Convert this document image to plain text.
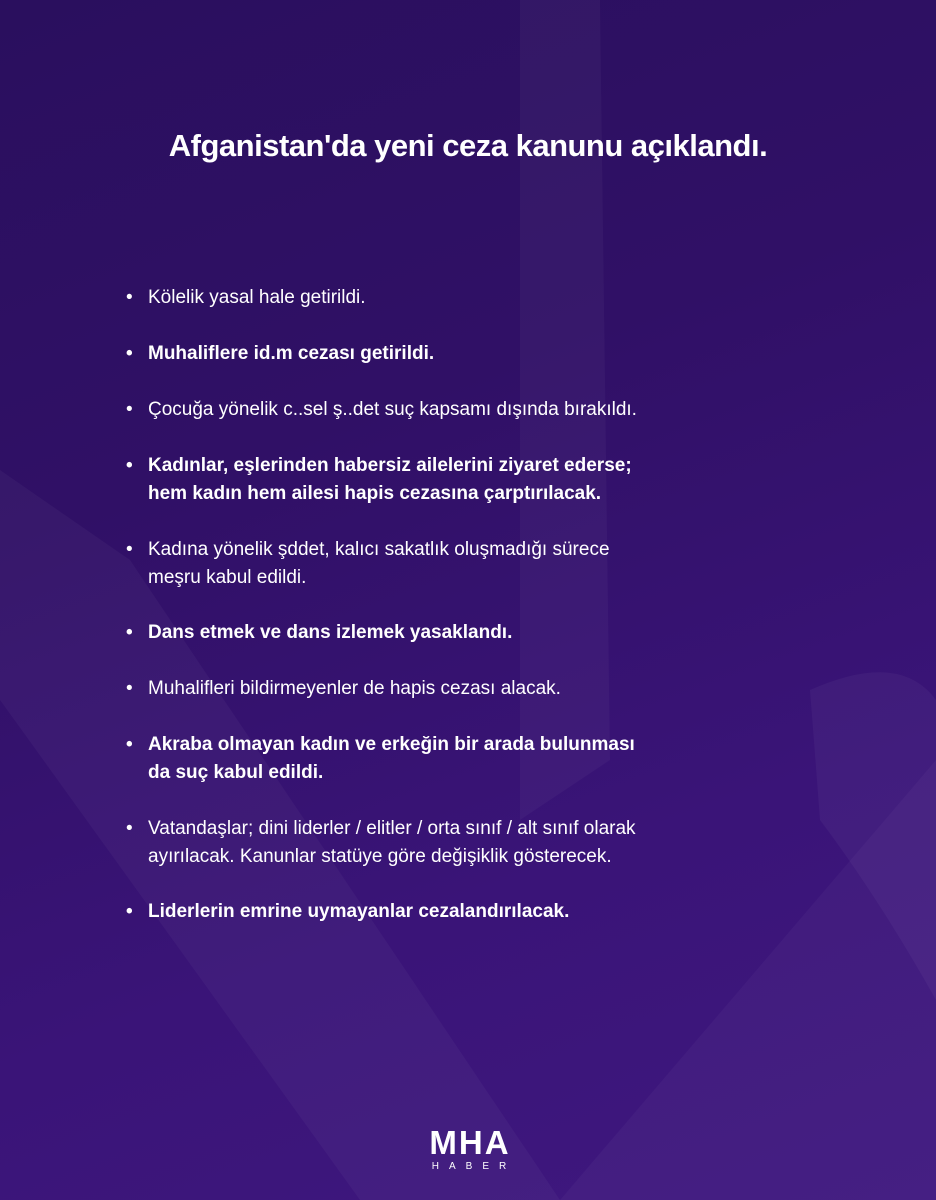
Afganistan'da yeni ceza kanunu açıklandı.
• Kölelik yasal hale getirildi.
• Muhaliflere id.m cezası getirildi.
• Çocuğa yönelik c..sel ş..det suç kapsamı dışında bırakıldı.
• Kadınlar, eşlerinden habersiz ailelerini ziyaret ederse;
hem kadın hem ailesi hapis cezasına çarptırılacak.
• Kadına yönelik şddet, kalıcı sakatlık oluşmadığı sürece
meşru kabul edildi.
• Dans etmek ve dans izlemek yasaklandı.
• Muhalifleri bildirmeyenler de hapis cezası alacak.
• Akraba olmayan kadın ve erkeğin bir arada bulunması
da suç kabul edildi.
• Vatandaşlar; dini liderler / elitler / orta sınıf / alt sınıf olarak
ayırılacak. Kanunlar statüye göre değişiklik gösterecek.
• Liderlerin emrine uymayanlar cezalandırılacak.
MHA
HABER
